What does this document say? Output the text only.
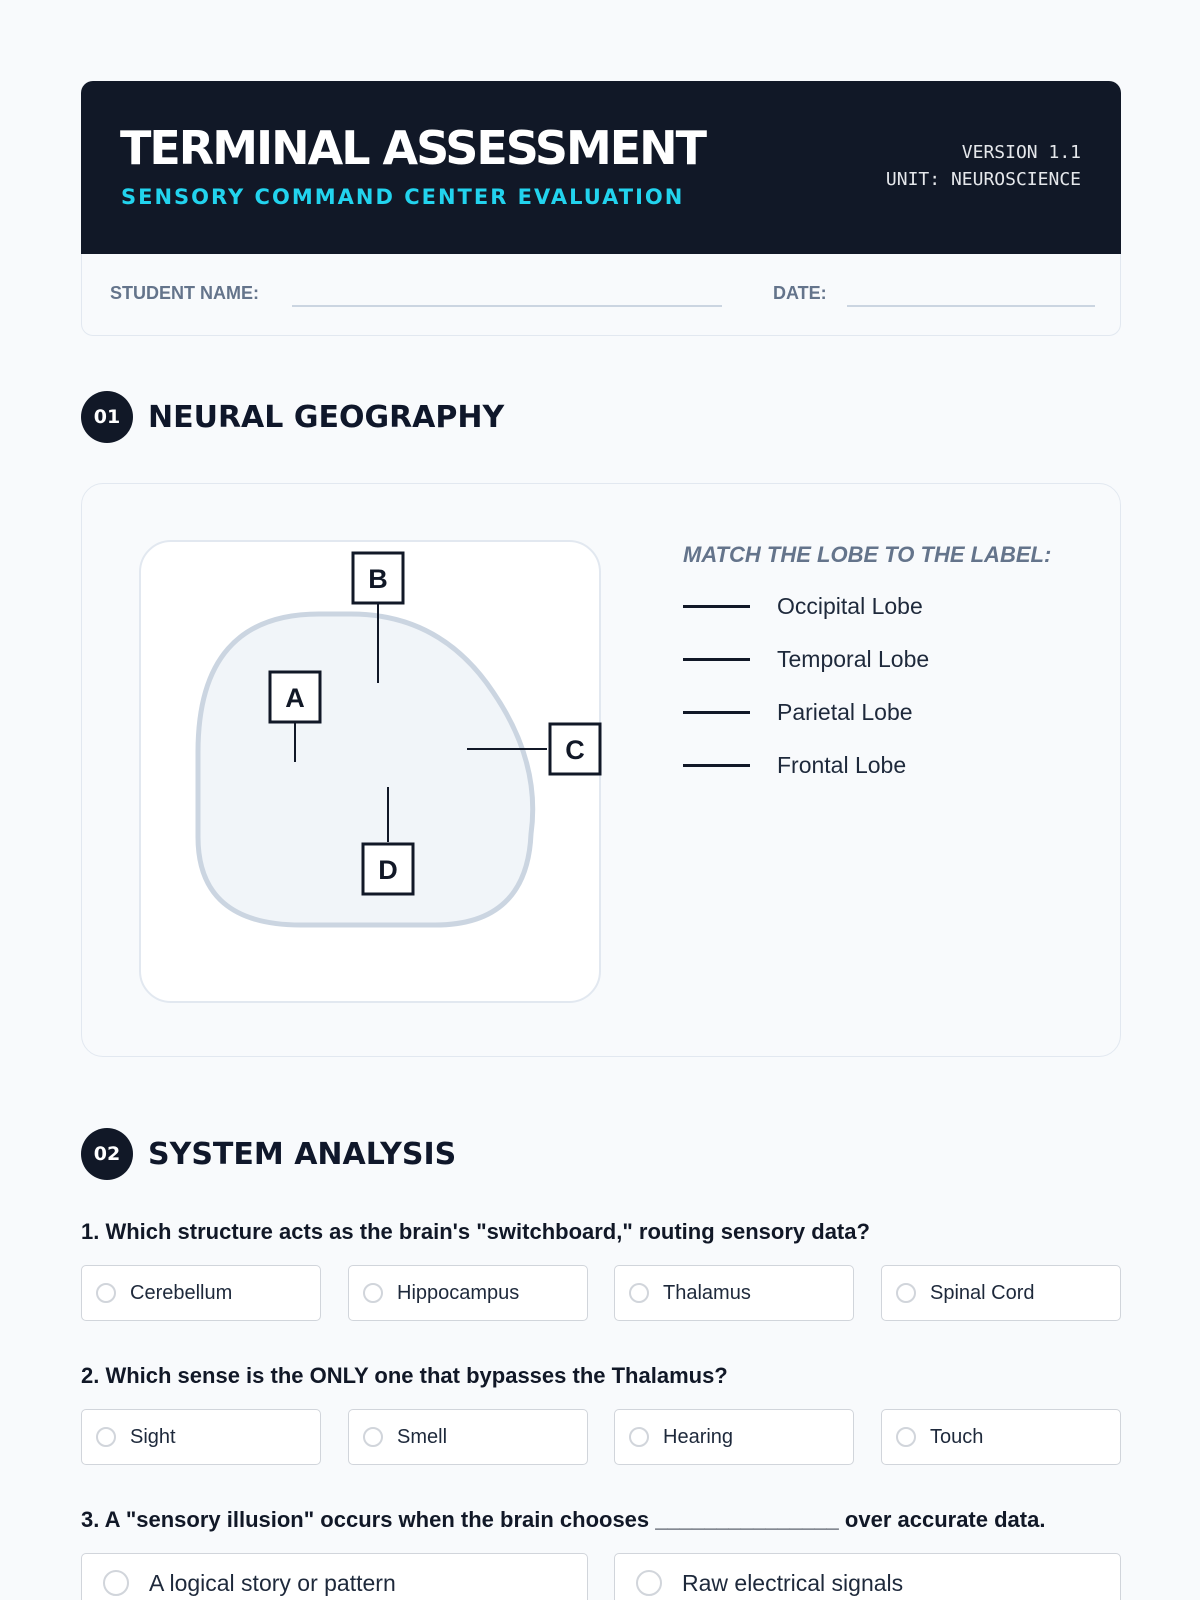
TERMINAL ASSESSMENT
SENSORY COMMAND CENTER EVALUATION
VERSION 1.1
UNIT: NEUROSCIENCE
STUDENT NAME:	DATE:
01 NEURAL GEOGRAPHY
B
A
C
D
MATCH THE LOBE TO THE LABEL:
Occipital Lobe
Temporal Lobe
Parietal Lobe
Frontal Lobe
02 SYSTEM ANALYSIS
1. Which structure acts as the brain's "switchboard," routing sensory data?
Cerebellum	Hippocampus	Thalamus	Spinal Cord
2. Which sense is the ONLY one that bypasses the Thalamus?
Sight	Smell	Hearing	Touch
3. A "sensory illusion" occurs when the brain chooses _______________ over accurate data.
A logical story or pattern	Raw electrical signals
